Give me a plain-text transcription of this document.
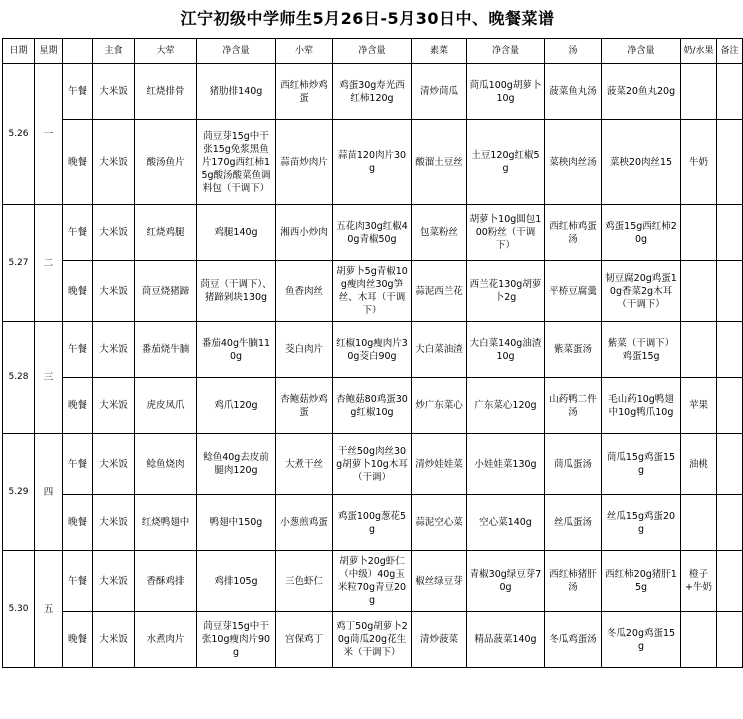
江宁初级中学师生5月26日-5月30日中、晚餐菜谱
日期	星期		主食	大荤	净含量	小荤	净含量	素菜	净含量	汤	净含量	奶/水果	备注
5.26	一	午餐	大米饭	红烧排骨	猪肋排140g	西红柿炒鸡蛋	鸡蛋30g寿光西红柿120g	清炒茼瓜	茼瓜100g胡萝卜10g	菠菜鱼丸汤	菠菜20鱼丸20g		
		晚餐	大米饭	酸汤鱼片	茼豆芽15g中干张15g免浆黑鱼片170g西红柿15g酸汤酸菜鱼调料包（干调下）	蒜苗炒肉片	蒜苗120肉片30g	酸溜土豆丝	土豆120g红椒5g	菜秧肉丝汤	菜秧20肉丝15	牛奶	
5.27	二	午餐	大米饭	红烧鸡腿	鸡腿140g	湘西小炒肉	五花肉30g红椒40g青椒50g	包菜粉丝	胡萝卜10g圆包100粉丝（干调下）	西红柿鸡蛋汤	鸡蛋15g西红柿20g		
		晚餐	大米饭	茼豆烧猪蹄	茼豆（干调下）、猪蹄剁块130g	鱼香肉丝	胡萝卜5g青椒10g瘦肉丝30g笋丝、木耳（干调下）	蒜泥西兰花	西兰花130g胡萝卜2g	平桥豆腐羹	韧豆腐20g鸡蛋10g香菜2g木耳（干调下）		
5.28	三	午餐	大米饭	番茄烧牛腩	番茄40g牛腩110g	茭白肉片	红椒10g瘦肉片30g茭白90g	大白菜油渣	大白菜140g油渣10g	紫菜蛋汤	紫菜（干调下）鸡蛋15g		
		晚餐	大米饭	虎皮凤爪	鸡爪120g	杏鲍菇炒鸡蛋	杏鲍菇80鸡蛋30g红椒10g	炒广东菜心	广东菜心120g	山药鸭二件汤	毛山药10g鸭翅中10g鸭爪10g	苹果	
5.29	四	午餐	大米饭	鲶鱼烧肉	鲶鱼40g去皮前腿肉120g	大煮干丝	干丝50g肉丝30g胡萝卜10g木耳（干调）	清炒娃娃菜	小娃娃菜130g	茼瓜蛋汤	茼瓜15g鸡蛋15g	油桃	
		晚餐	大米饭	红烧鸭翅中	鸭翅中150g	小葱煎鸡蛋	鸡蛋100g葱花5g	蒜泥空心菜	空心菜140g	丝瓜蛋汤	丝瓜15g鸡蛋20g		
5.30	五	午餐	大米饭	香酥鸡排	鸡排105g	三色虾仁	胡萝卜20g虾仁（中级）40g玉米粒70g青豆20g	椒丝绿豆芽	青椒30g绿豆芽70g	西红柿猪肝汤	西红柿20g猪肝15g	橙子+牛奶	
		晚餐	大米饭	水煮肉片	茼豆芽15g中干张10g瘦肉片90g	宫保鸡丁	鸡丁50g胡萝卜20g茼瓜20g花生米（干调下）	清炒菠菜	精品菠菜140g	冬瓜鸡蛋汤	冬瓜20g鸡蛋15g		
